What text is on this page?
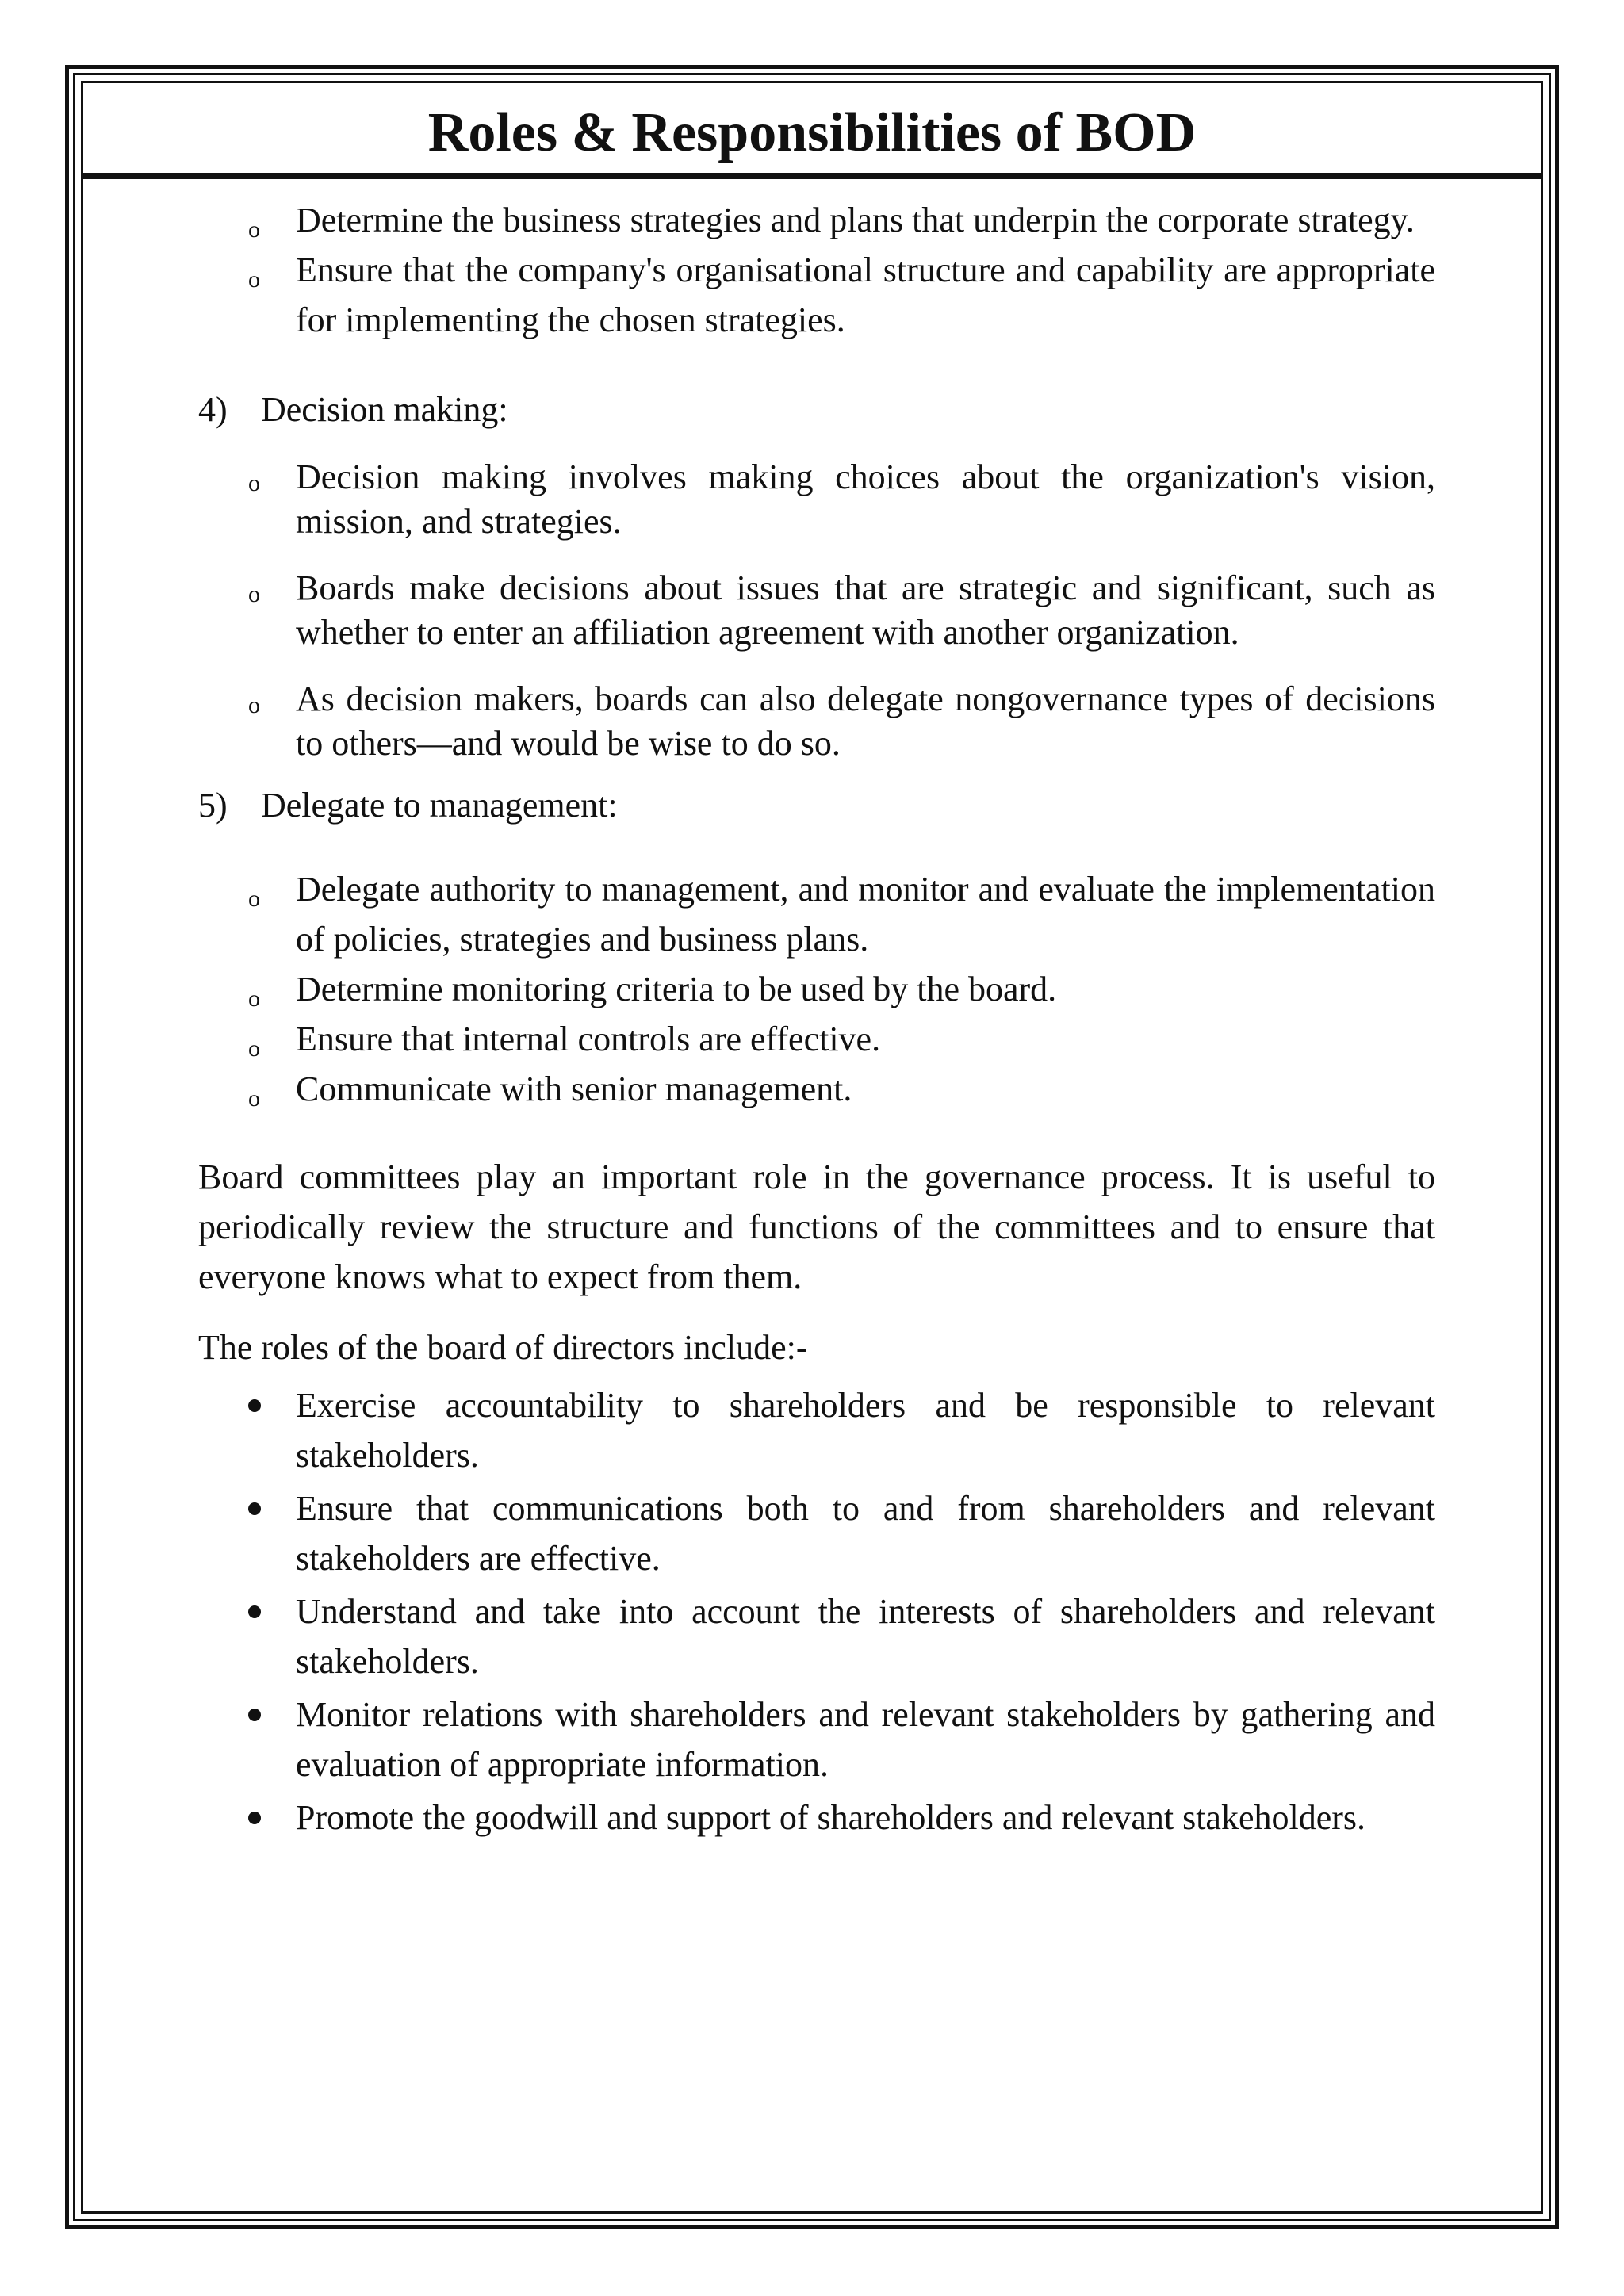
Roles & Responsibilities of BOD

o Determine the business strategies and plans that underpin the corporate strategy.

o Ensure that the company's organisational structure and capability are appropriate for implementing the chosen strategies.

4) Decision making:

o Decision making involves making choices about the organization's vision, mission, and strategies.

o Boards make decisions about issues that are strategic and significant, such as whether to enter an affiliation agreement with another organization.

o As decision makers, boards can also delegate nongovernance types of decisions to others—and would be wise to do so.

5) Delegate to management:

o Delegate authority to management, and monitor and evaluate the implementation of policies, strategies and business plans.

o Determine monitoring criteria to be used by the board.

o Ensure that internal controls are effective.

o Communicate with senior management.

Board committees play an important role in the governance process. It is useful to periodically review the structure and functions of the committees and to ensure that everyone knows what to expect from them.

The roles of the board of directors include:-

Exercise accountability to shareholders and be responsible to relevant stakeholders.

Ensure that communications both to and from shareholders and relevant stakeholders are effective.

Understand and take into account the interests of shareholders and relevant stakeholders.

Monitor relations with shareholders and relevant stakeholders by gathering and evaluation of appropriate information.

Promote the goodwill and support of shareholders and relevant stakeholders.
